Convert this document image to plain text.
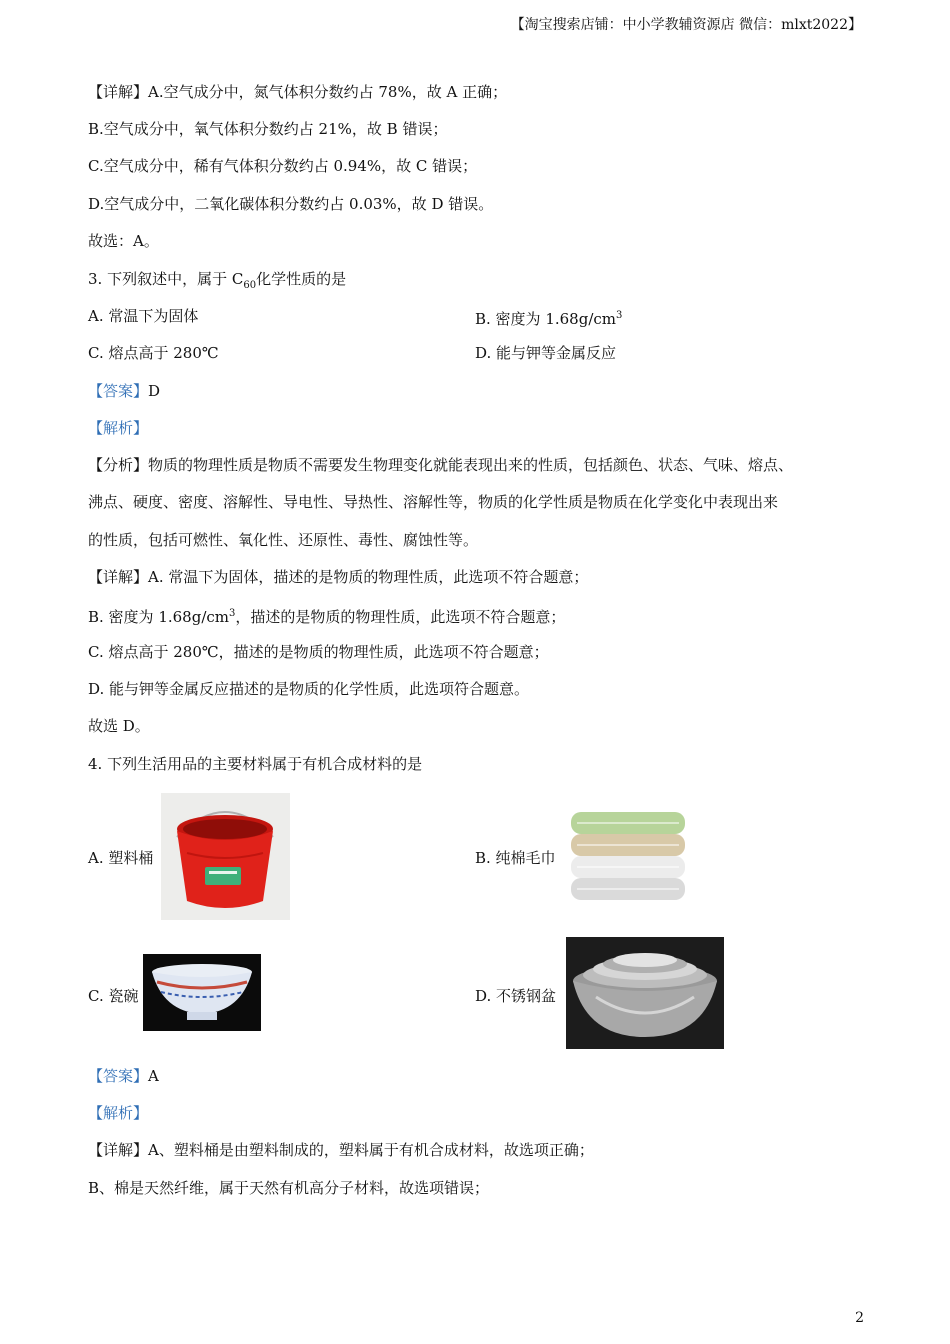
【淘宝搜索店铺：中小学教辅资源店 微信：mlxt2022】
【详解】A.空气成分中，氮气体积分数约占 78%，故 A 正确；
B.空气成分中，氧气体积分数约占 21%，故 B 错误；
C.空气成分中，稀有气体积分数约占 0.94%，故 C 错误；
D.空气成分中，二氧化碳体积分数约占 0.03%，故 D 错误。
故选：A。
3. 下列叙述中，属于 $C_{60}$化学性质的是
A. 常温下为固体	B. 密度为 $1.68g/cm^3$
C. 熔点高于 280℃	D. 能与钾等金属反应
【答案】D
【解析】
【分析】物质的物理性质是物质不需要发生物理变化就能表现出来的性质，包括颜色、状态、气味、熔点、
沸点、硬度、密度、溶解性、导电性、导热性、溶解性等，物质的化学性质是物质在化学变化中表现出来
的性质，包括可燃性、氧化性、还原性、毒性、腐蚀性等。
【详解】A. 常温下为固体，描述的是物质的物理性质，此选项不符合题意；
B. 密度为 $1.68g/cm^3$，描述的是物质的物理性质，此选项不符合题意；
C. 熔点高于 280℃，描述的是物质的物理性质，此选项不符合题意；
D. 能与钾等金属反应描述的是物质的化学性质，此选项符合题意。
故选 D。
4. 下列生活用品的主要材料属于有机合成材料的是
A. 塑料桶	B. 纯棉毛巾
C. 瓷碗	D. 不锈钢盆
【答案】A
【解析】
【详解】A、塑料桶是由塑料制成的，塑料属于有机合成材料，故选项正确；
B、棉是天然纤维，属于天然有机高分子材料，故选项错误；
2
